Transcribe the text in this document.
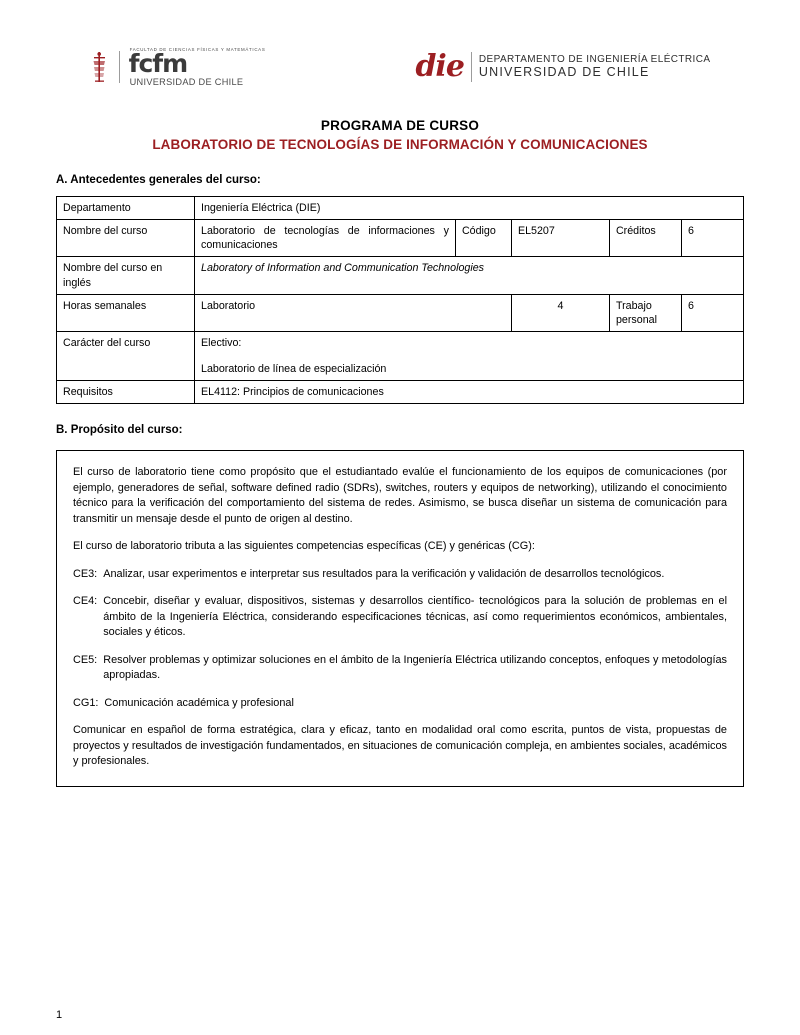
FACULTAD DE CIENCIAS FÍSICAS Y MATEMÁTICAS
fcfm
UNIVERSIDAD DE CHILE	die DEPARTAMENTO DE INGENIERÍA ELÉCTRICA
UNIVERSIDAD DE CHILE
PROGRAMA DE CURSO
LABORATORIO DE TECNOLOGÍAS DE INFORMACIÓN Y COMUNICACIONES
A. Antecedentes generales del curso:
Departamento	Ingeniería Eléctrica (DIE)				
Nombre del curso	Laboratorio de tecnologías de informaciones y comunicaciones	Código	EL5207	Créditos	6
Nombre del curso en inglés	Laboratory of Information and Communication Technologies				
Horas semanales	Laboratorio		4	Trabajo personal	6
Carácter del curso	Electivo:
Laboratorio de línea de especialización				

Requisitos	EL4112: Principios de comunicaciones				
B. Propósito del curso:

El curso de laboratorio tiene como propósito que el estudiantado evalúe el funcionamiento de los equipos de comunicaciones (por ejemplo, generadores de señal, software defined radio (SDRs), switches, routers y equipos de networking), utilizando el conocimiento técnico para la verificación del comportamiento del sistema de redes. Asimismo, se busca diseñar un sistema de comunicación para transmitir un mensaje desde el punto de origen al destino.

El curso de laboratorio tributa a las siguientes competencias específicas (CE) y genéricas (CG):

CE3: Analizar, usar experimentos e interpretar sus resultados para la verificación y validación de desarrollos tecnológicos.
CE4: Concebir, diseñar y evaluar, dispositivos, sistemas y desarrollos científico- tecnológicos para la solución de problemas en el ámbito de la Ingeniería Eléctrica, considerando especificaciones técnicas, así como requerimientos económicos, ambientales, sociales y éticos.
CE5: Resolver problemas y optimizar soluciones en el ámbito de la Ingeniería Eléctrica utilizando conceptos, enfoques y metodologías apropiadas.
CG1: Comunicación académica y profesional

Comunicar en español de forma estratégica, clara y eficaz, tanto en modalidad oral como escrita, puntos de vista, propuestas de proyectos y resultados de investigación fundamentados, en situaciones de comunicación compleja, en ambientes sociales, académicos y profesionales.

1
